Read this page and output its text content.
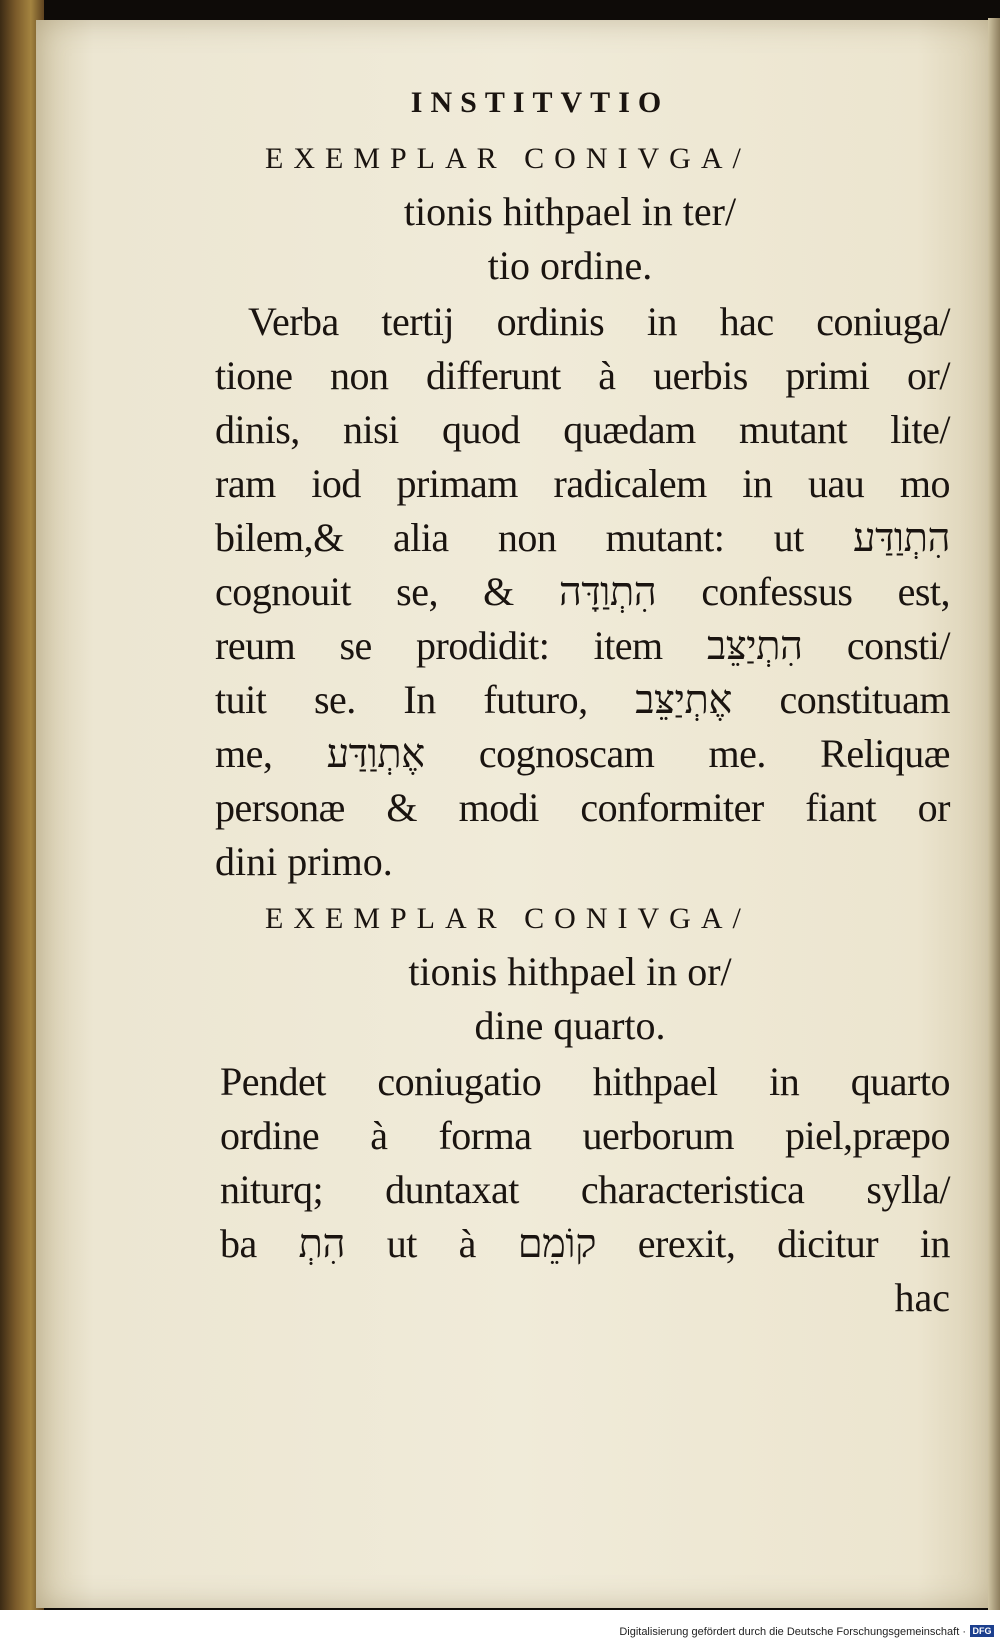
INSTITVTIO
EXEMPLAR CONIVGA/
tionis hithpael in ter/
tio ordine.
Verba tertij ordinis in hac coniuga/
tione non differunt à uerbis primi or/
dinis, nisi quod quædam mutant lite/
ram iod primam radicalem in uau mo
bilem,& alia non mutant: ut הִתְוַדַּע
cognouit se, & הִתְוַדָּה confessus est,
reum se prodidit: item הִתְיַצֵּב consti/
tuit se. In futuro, אֶתְיַצֵּב constituam
me, אֶתְוַדַּע cognoscam me. Reliquæ
personæ & modi conformiter fiant or
dini primo.
EXEMPLAR CONIVGA/
tionis hithpael in or/
dine quarto.
Pendet coniugatio hithpael in quarto
ordine à forma uerborum piel,præpo
niturq; duntaxat characteristica sylla/
ba הִתְ ut à קוֹמֵם erexit, dicitur in
hac
Digitalisierung gefördert durch die Deutsche Forschungsgemeinschaft · DFG
